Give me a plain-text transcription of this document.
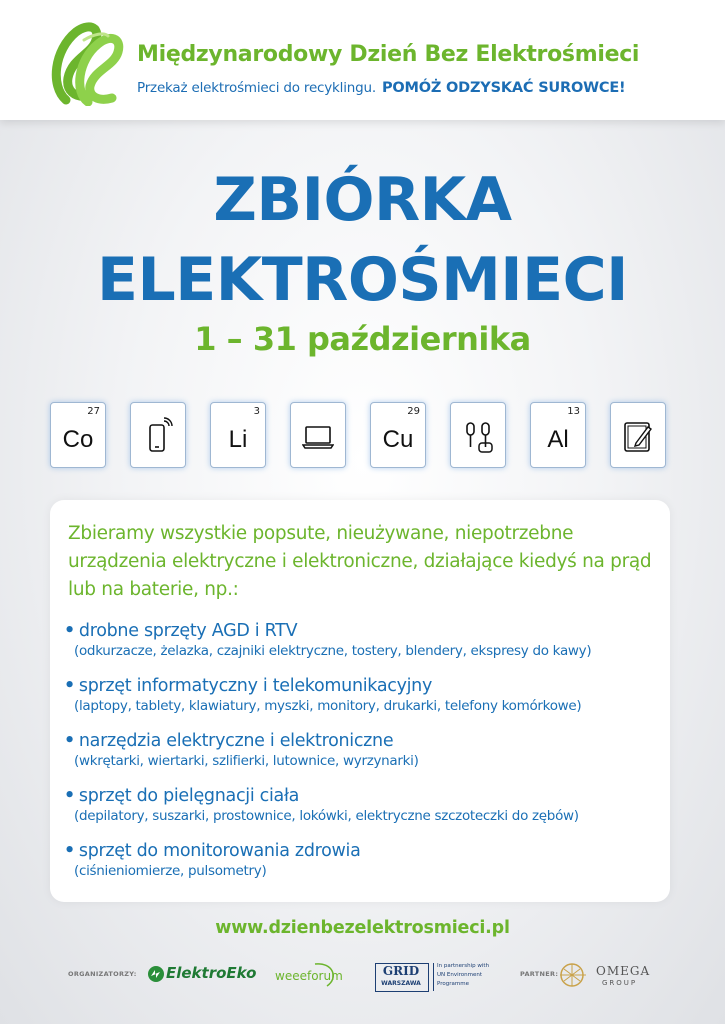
Międzynarodowy Dzień Bez Elektrośmieci
Przekaż elektrośmieci do recyklingu. POMÓŻ ODZYSKAĆ SUROWCE!
ZBIÓRKA
ELEKTROŚMIECI
1 – 31 października
27
Co
3
Li
29
Cu
13
Al
Zbieramy wszystkie popsute, nieużywane, niepotrzebne urządzenia elektryczne i elektroniczne, działające kiedyś na prąd lub na baterie, np.:
• drobne sprzęty AGD i RTV
(odkurzacze, żelazka, czajniki elektryczne, tostery, blendery, ekspresy do kawy)
• sprzęt informatyczny i telekomunikacyjny
(laptopy, tablety, klawiatury, myszki, monitory, drukarki, telefony komórkowe)
• narzędzia elektryczne i elektroniczne
(wkrętarki, wiertarki, szlifierki, lutownice, wyrzynarki)
• sprzęt do pielęgnacji ciała
(depilatory, suszarki, prostownice, lokówki, elektryczne szczoteczki do zębów)
• sprzęt do monitorowania zdrowia
(ciśnieniomierze, pulsometry)
www.dzienbezelektrosmieci.pl
ORGANIZATORZY: ElektroEko weeeforum	GRID
WARSZAWA
In partnership with
UN Environment
Programme
PARTNER:	OMEGA
GROUP
